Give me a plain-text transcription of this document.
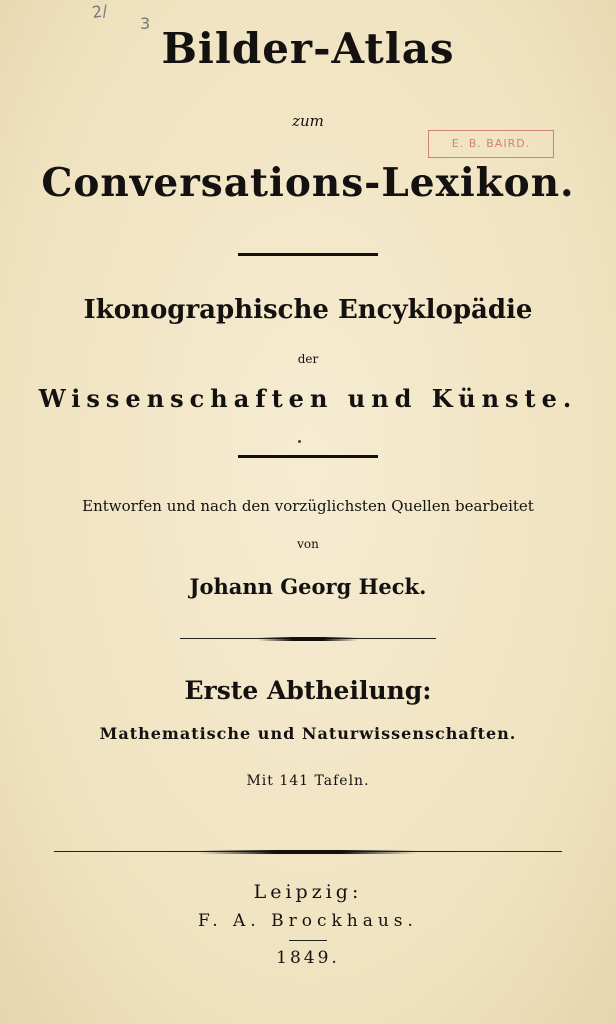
2/
3
E. B. BAIRD.
Bilder-Atlas
zum
Conversations-Lexikon.
Ikonographische Encyklopädie
der
Wissenschaften und Künste.
Entworfen und nach den vorzüglichsten Quellen bearbeitet
von
Johann Georg Heck.
Erste Abtheilung:
Mathematische und Naturwissenschaften.
Mit 141 Tafeln.
Leipzig:
F. A. Brockhaus.
1849.
